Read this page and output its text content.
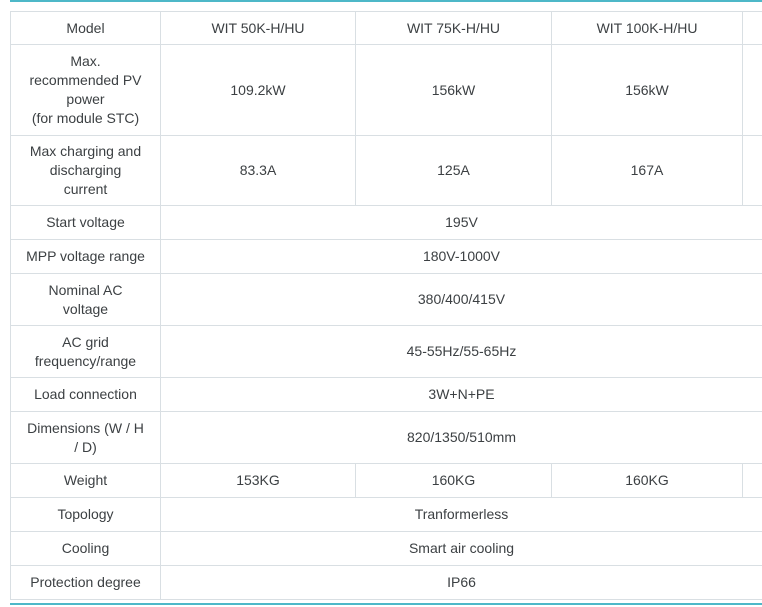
Model	WIT 50K-H/HU	WIT 75K-H/HU	WIT 100K-H/HU	
Max.
recommended PV
power
(for module STC)	109.2kW	156kW	156kW	
Max charging and
discharging
current	83.3A	125A	167A	
Start voltage	195V			
MPP voltage range	180V-1000V			
Nominal AC
voltage	380/400/415V			
AC grid
frequency/range	45-55Hz/55-65Hz			
Load connection	3W+N+PE			
Dimensions (W / H
/ D)	820/1350/510mm			
Weight	153KG	160KG	160KG	
Topology	Tranformerless			
Cooling	Smart air cooling			
Protection degree	IP66			
